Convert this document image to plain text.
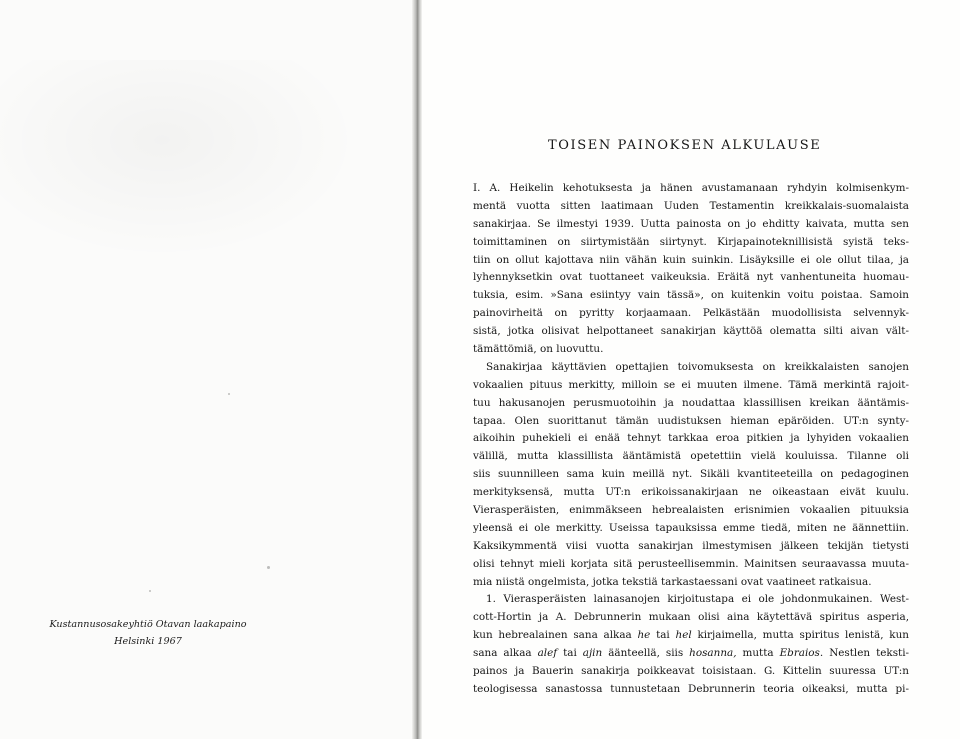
Kustannusosakeyhtiö Otavan laakapaino
Helsinki 1967
TOISEN PAINOKSEN ALKULAUSE
I. A. Heikelin kehotuksesta ja hänen avustamanaan ryhdyin kolmisenkym-
mentä vuotta sitten laatimaan Uuden Testamentin kreikkalais-suomalaista
sanakirjaa. Se ilmestyi 1939. Uutta painosta on jo ehditty kaivata, mutta sen
toimittaminen on siirtymistään siirtynyt. Kirjapainoteknillisistä syistä teks-
tiin on ollut kajottava niin vähän kuin suinkin. Lisäyksille ei ole ollut tilaa, ja
lyhennyksetkin ovat tuottaneet vaikeuksia. Eräitä nyt vanhentuneita huomau-
tuksia, esim. »Sana esiintyy vain tässä», on kuitenkin voitu poistaa. Samoin
painovirheitä on pyritty korjaamaan. Pelkästään muodollisista selvennyk-
sistä, jotka olisivat helpottaneet sanakirjan käyttöä olematta silti aivan vält-
tämättömiä, on luovuttu.
Sanakirjaa käyttävien opettajien toivomuksesta on kreikkalaisten sanojen
vokaalien pituus merkitty, milloin se ei muuten ilmene. Tämä merkintä rajoit-
tuu hakusanojen perusmuotoihin ja noudattaa klassillisen kreikan ääntämis-
tapaa. Olen suorittanut tämän uudistuksen hieman epäröiden. UT:n synty-
aikoihin puhekieli ei enää tehnyt tarkkaa eroa pitkien ja lyhyiden vokaalien
välillä, mutta klassillista ääntämistä opetettiin vielä kouluissa. Tilanne oli
siis suunnilleen sama kuin meillä nyt. Sikäli kvantiteeteilla on pedagoginen
merkityksensä, mutta UT:n erikoissanakirjaan ne oikeastaan eivät kuulu.
Vierasperäisten, enimmäkseen hebrealaisten erisnimien vokaalien pituuksia
yleensä ei ole merkitty. Useissa tapauksissa emme tiedä, miten ne äännettiin.
Kaksikymmentä viisi vuotta sanakirjan ilmestymisen jälkeen tekijän tietysti
olisi tehnyt mieli korjata sitä perusteellisemmin. Mainitsen seuraavassa muuta-
mia niistä ongelmista, jotka tekstiä tarkastaessani ovat vaatineet ratkaisua.
1. Vierasperäisten lainasanojen kirjoitustapa ei ole johdonmukainen. West-
cott-Hortin ja A. Debrunnerin mukaan olisi aina käytettävä spiritus asperia,
kun hebrealainen sana alkaa he tai hel kirjaimella, mutta spiritus lenistä, kun
sana alkaa alef tai ajin äänteellä, siis hosanna, mutta Ebraios. Nestlen teksti-
painos ja Bauerin sanakirja poikkeavat toisistaan. G. Kittelin suuressa UT:n
teologisessa sanastossa tunnustetaan Debrunnerin teoria oikeaksi, mutta pi-
